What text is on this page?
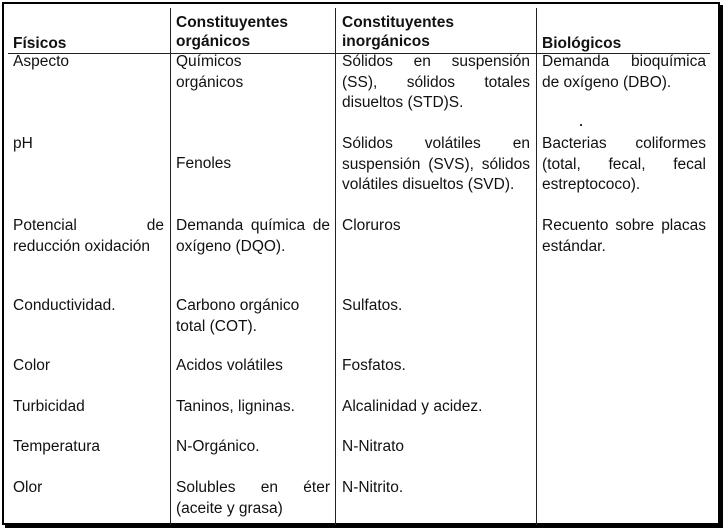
Físicos
Constituyentes orgánicos
Constituyentes inorgánicos	Biológicos
Aspecto
pH
Potencial de reducción oxidación
Conductividad.
Color
Turbicidad
Temperatura
Olor
Químicos orgánicos
Fenoles
Demanda química de oxígeno (DQO).
Carbono orgánico total (COT).
Acidos volátiles
Taninos, ligninas.
N-Orgánico.
Solubles en éter (aceite y grasa)
Sólidos en suspensión (SS), sólidos totales disueltos (STD)S.
Sólidos volátiles en suspensión (SVS), sólidos volátiles disueltos (SVD).
Cloruros
Sulfatos.
Fosfatos.
Alcalinidad y acidez.
N-Nitrato
N-Nitrito.
Demanda bioquímica de oxígeno (DBO).
Bacterias coliformes (total, fecal, fecal estreptococo).
Recuento sobre placas estándar.
